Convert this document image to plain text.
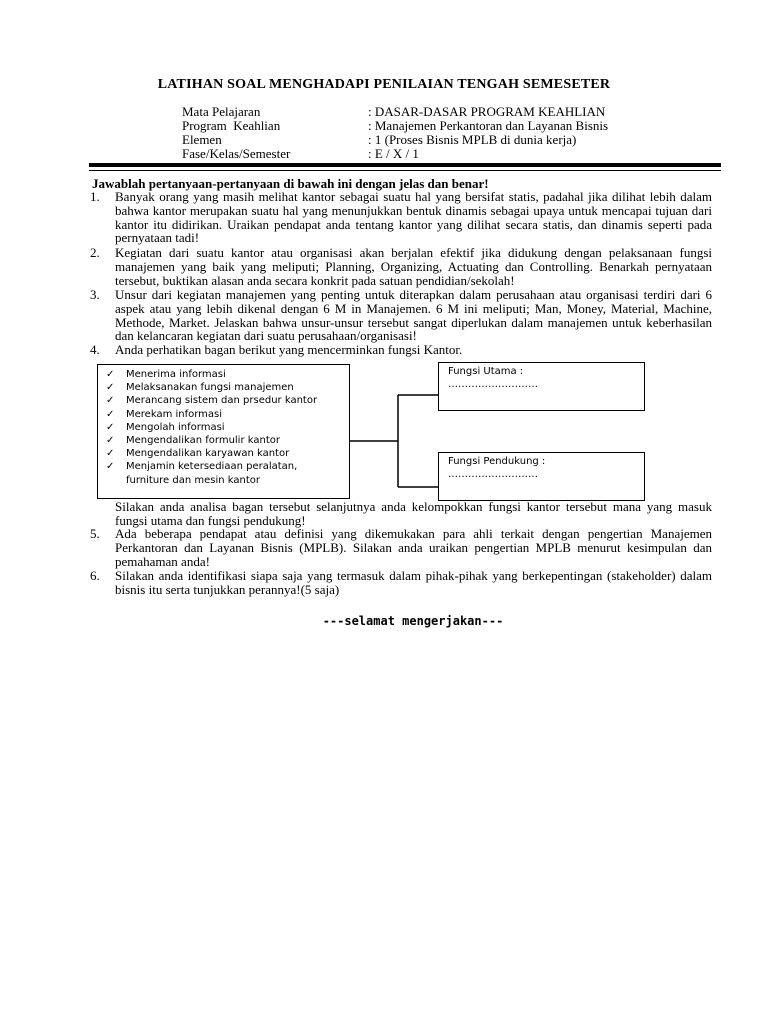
LATIHAN SOAL MENGHADAPI PENILAIAN TENGAH SEMESETER
Mata Pelajaran	: DASAR-DASAR PROGRAM KEAHLIAN
Program  Keahlian	: Manajemen Perkantoran dan Layanan Bisnis
Elemen	: 1 (Proses Bisnis MPLB di dunia kerja)
Fase/Kelas/Semester	: E / X / 1
Jawablah pertanyaan-pertanyaan di bawah ini dengan jelas dan benar!
1.	Banyak orang yang masih melihat kantor sebagai suatu hal yang bersifat statis, padahal jika dilihat lebih dalam bahwa kantor merupakan suatu hal yang menunjukkan bentuk dinamis sebagai upaya untuk mencapai tujuan dari kantor itu didirikan. Uraikan pendapat anda tentang kantor yang dilihat secara statis, dan dinamis seperti pada pernyataan tadi!
2.	Kegiatan dari suatu kantor atau organisasi akan berjalan efektif jika didukung dengan pelaksanaan fungsi manajemen yang baik yang meliputi; Planning, Organizing, Actuating dan Controlling. Benarkah pernyataan tersebut, buktikan alasan anda secara konkrit pada satuan pendidian/sekolah!
3.	Unsur dari kegiatan manajemen yang penting untuk diterapkan dalam perusahaan atau organisasi terdiri dari 6 aspek atau yang lebih dikenal dengan 6 M in Manajemen. 6 M ini meliputi; Man, Money, Material, Machine, Methode, Market. Jelaskan bahwa unsur-unsur tersebut sangat diperlukan dalam manajemen untuk keberhasilan dan kelancaran kegiatan dari suatu perusahaan/organisasi!
4.	Anda perhatikan bagan berikut yang mencerminkan fungsi Kantor.
✓ Menerima informasi
✓ Melaksanakan fungsi manajemen
✓ Merancang sistem dan prsedur kantor
✓ Merekam informasi
✓ Mengolah informasi
✓ Mengendalikan formulir kantor
✓ Mengendalikan karyawan kantor
✓ Menjamin ketersediaan peralatan,
furniture dan mesin kantor
Fungsi Utama :
………………………
Fungsi Pendukung :
………………………
Silakan anda analisa bagan tersebut selanjutnya anda kelompokkan fungsi kantor tersebut mana yang masuk fungsi utama dan fungsi pendukung!
5.	Ada beberapa pendapat atau definisi yang dikemukakan para ahli terkait dengan pengertian Manajemen Perkantoran dan Layanan Bisnis (MPLB). Silakan anda uraikan pengertian MPLB menurut kesimpulan dan pemahaman anda!
6.	Silakan anda identifikasi siapa saja yang termasuk dalam pihak-pihak yang berkepentingan (stakeholder) dalam bisnis itu serta tunjukkan perannya!(5 saja)
---selamat mengerjakan---
